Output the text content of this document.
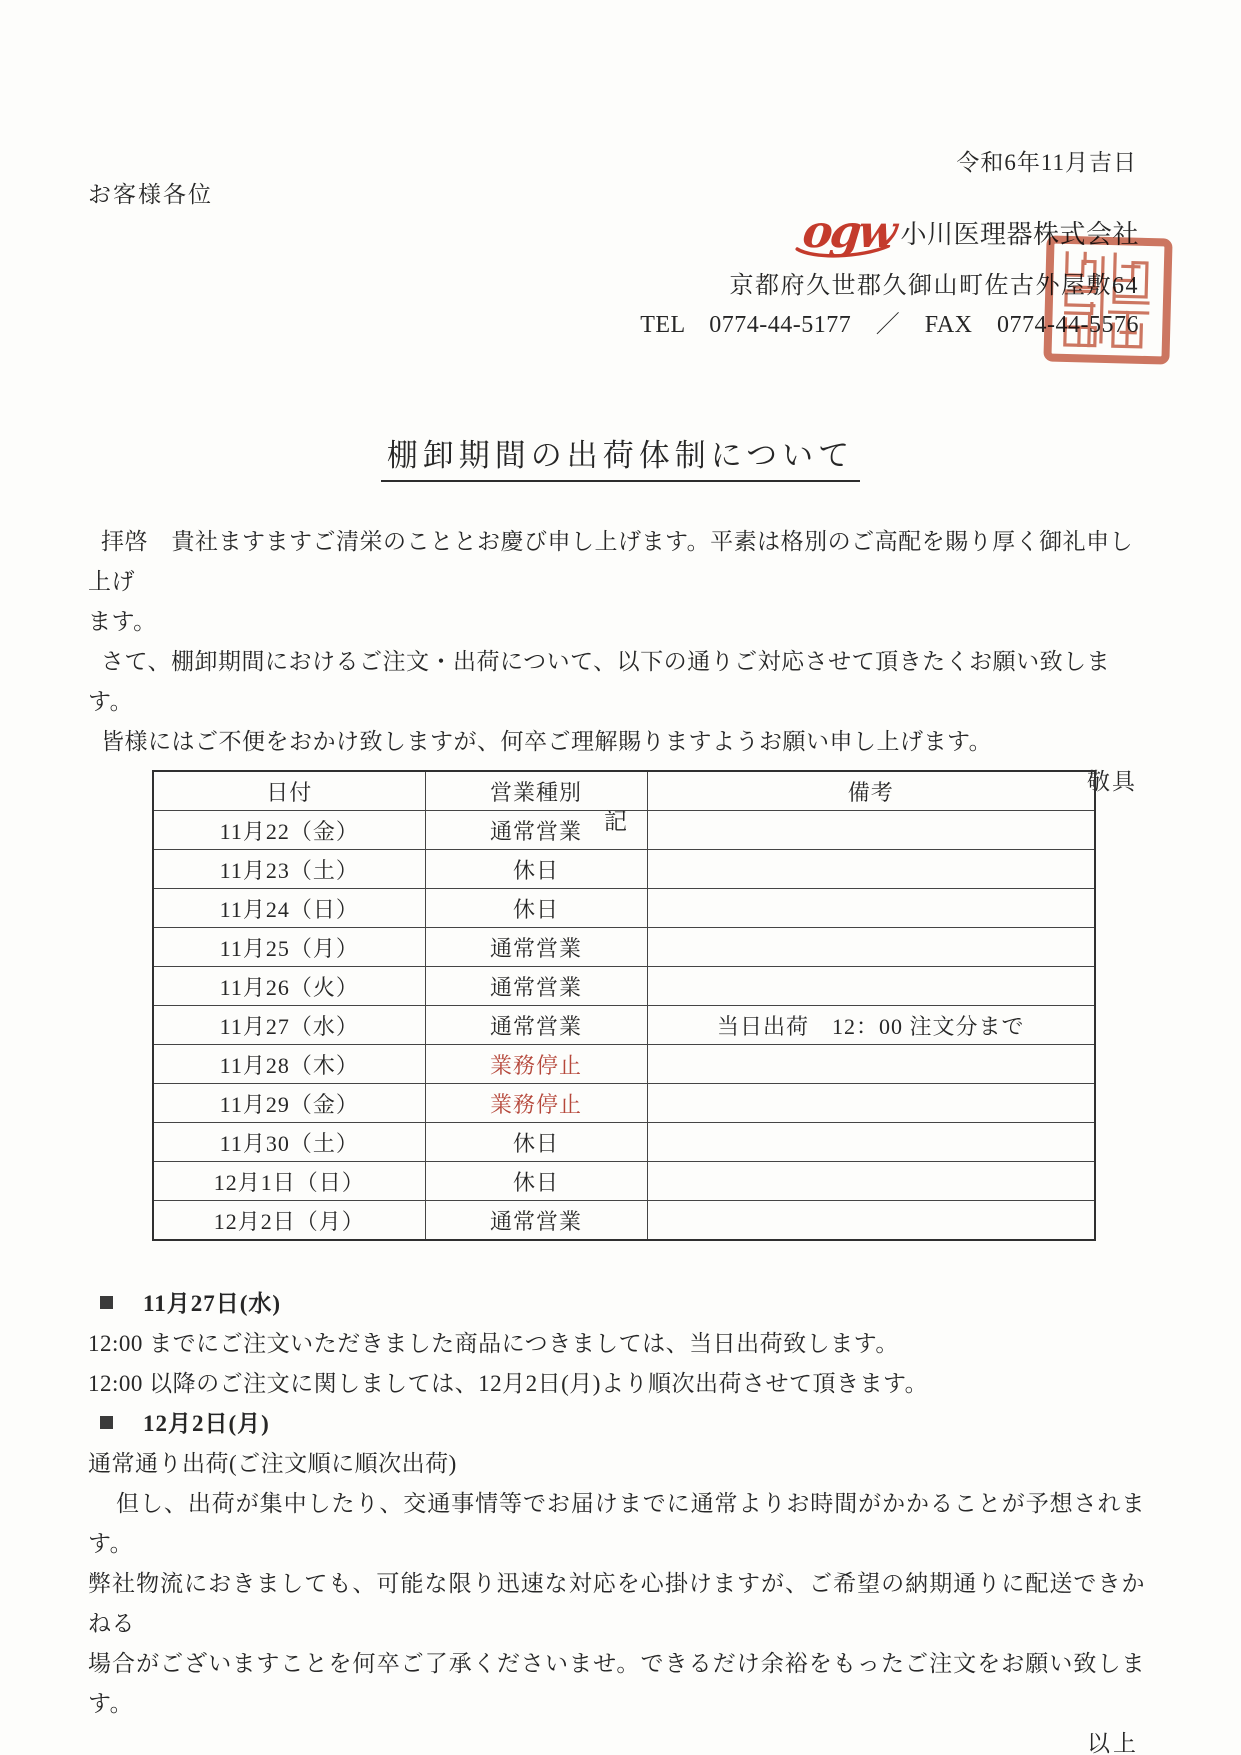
令和6年11月吉日
お客様各位
ogw 小川医理器株式会社
京都府久世郡久御山町佐古外屋敷64
TEL　0774-44-5177　／　FAX　0774-44-5576
棚卸期間の出荷体制について

拝啓　貴社ますますご清栄のこととお慶び申し上げます。平素は格別のご高配を賜り厚く御礼申し上げ

ます。

さて、棚卸期間におけるご注文・出荷について、以下の通りご対応させて頂きたくお願い致します。

皆様にはご不便をおかけ致しますが、何卒ご理解賜りますようお願い申し上げます。

敬具

記

日付	営業種別	備考
11月22（金）	通常営業	
11月23（土）	休日	
11月24（日）	休日	
11月25（月）	通常営業	
11月26（火）	通常営業	
11月27（水）	通常営業	当日出荷　12：00 注文分まで
11月28（木）	業務停止	
11月29（金）	業務停止	
11月30（土）	休日	
12月1日（日）	休日	
12月2日（月）	通常営業	

11月27日(水)

12:00 までにご注文いただきました商品につきましては、当日出荷致します。

12:00 以降のご注文に関しましては、12月2日(月)より順次出荷させて頂きます。

12月2日(月)

通常通り出荷(ご注文順に順次出荷)

但し、出荷が集中したり、交通事情等でお届けまでに通常よりお時間がかかることが予想されます。

弊社物流におきましても、可能な限り迅速な対応を心掛けますが、ご希望の納期通りに配送できかねる

場合がございますことを何卒ご了承くださいませ。できるだけ余裕をもったご注文をお願い致します。

以上
